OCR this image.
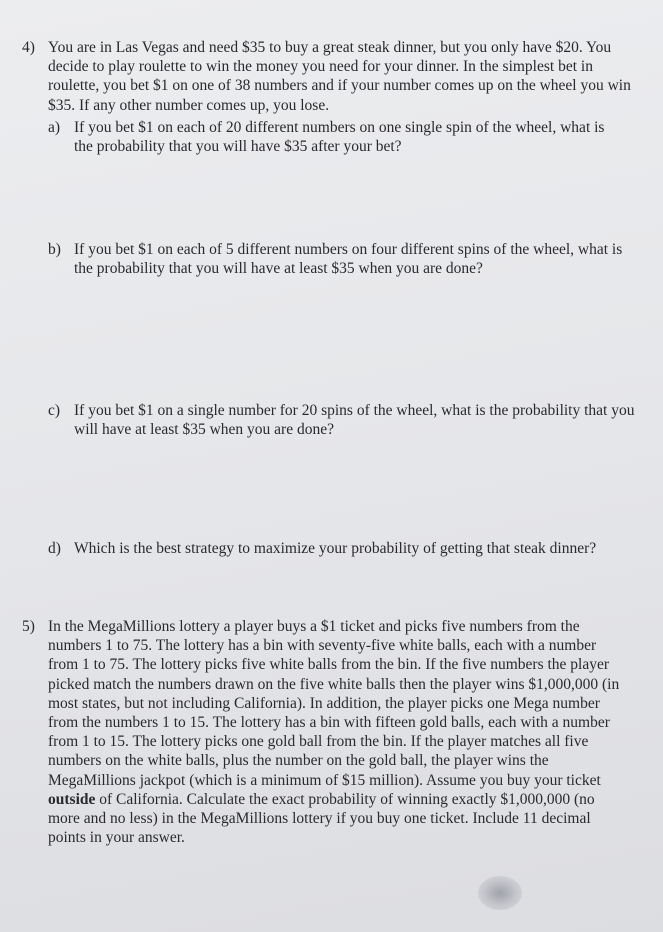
4) You are in Las Vegas and need $35 to buy a great steak dinner, but you only have $20. You decide to play roulette to win the money you need for your dinner. In the simplest bet in roulette, you bet $1 on one of 38 numbers and if your number comes up on the wheel you win $35. If any other number comes up, you lose.
a) If you bet $1 on each of 20 different numbers on one single spin of the wheel, what is the probability that you will have $35 after your bet?
b) If you bet $1 on each of 5 different numbers on four different spins of the wheel, what is the probability that you will have at least $35 when you are done?
c) If you bet $1 on a single number for 20 spins of the wheel, what is the probability that you will have at least $35 when you are done?
d) Which is the best strategy to maximize your probability of getting that steak dinner?
5) In the MegaMillions lottery a player buys a $1 ticket and picks five numbers from the numbers 1 to 75. The lottery has a bin with seventy-five white balls, each with a number from 1 to 75. The lottery picks five white balls from the bin. If the five numbers the player picked match the numbers drawn on the five white balls then the player wins $1,000,000 (in most states, but not including California). In addition, the player picks one Mega number from the numbers 1 to 15. The lottery has a bin with fifteen gold balls, each with a number from 1 to 15. The lottery picks one gold ball from the bin. If the player matches all five numbers on the white balls, plus the number on the gold ball, the player wins the MegaMillions jackpot (which is a minimum of $15 million). Assume you buy your ticket outside of California. Calculate the exact probability of winning exactly $1,000,000 (no more and no less) in the MegaMillions lottery if you buy one ticket. Include 11 decimal points in your answer.
